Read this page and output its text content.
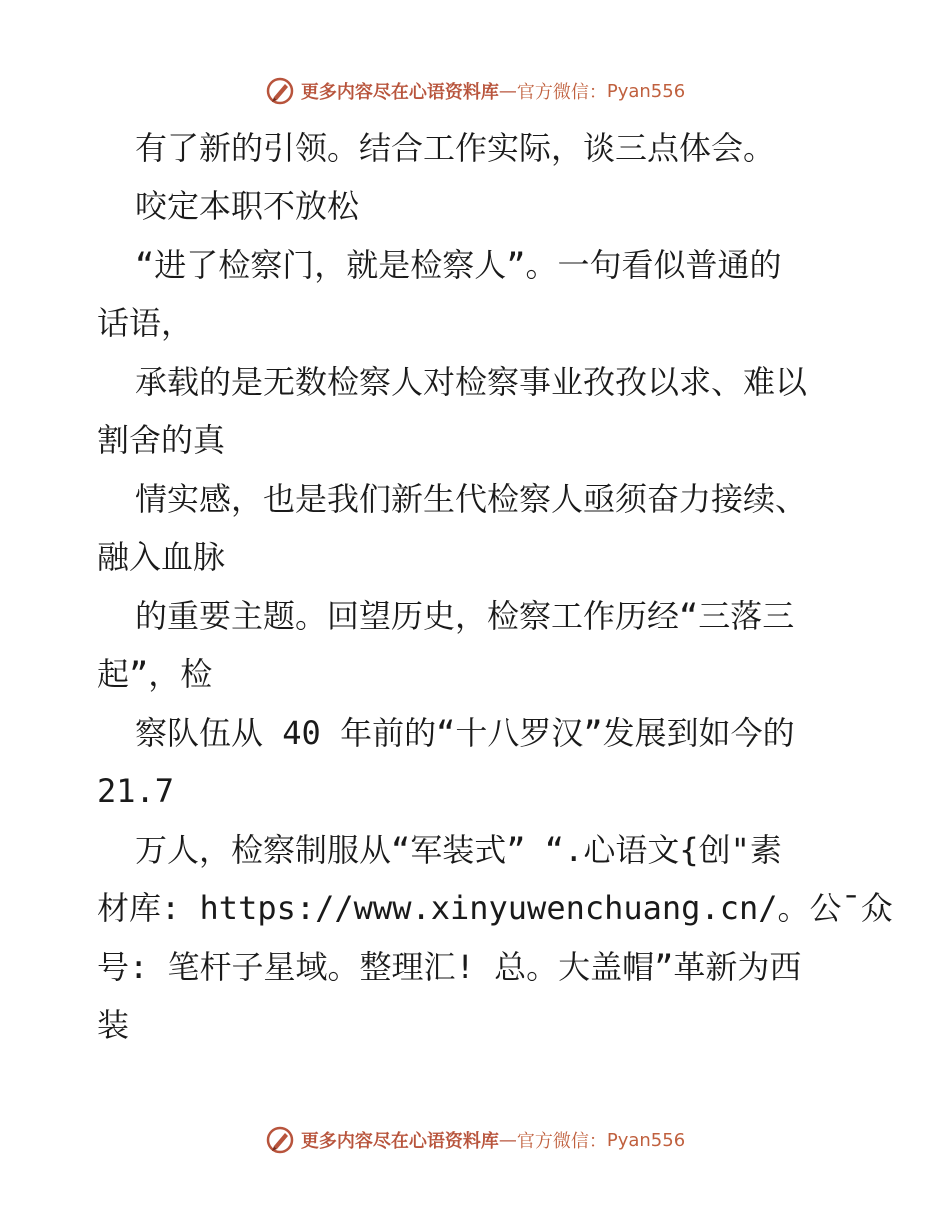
更多内容尽在心语资料库 — 官方微信： Pyan556
有了新的引领。结合工作实际，谈三点体会。
咬定本职不放松
“进了检察门，就是检察人”。一句看似普通的
话语，
承载的是无数检察人对检察事业孜孜以求、难以
割舍的真
情实感，也是我们新生代检察人亟须奋力接续、
融入血脉
的重要主题。回望历史，检察工作历经“三落三
起”，检
察队伍从 40 年前的“十八罗汉”发展到如今的
21.7
万人，检察制服从“军装式” “.心语文{创"素
材库: https://www.xinyuwenchuang.cn/。公¯众
号: 笔杆子星域。整理汇! 总。大盖帽”革新为西
装
更多内容尽在心语资料库 — 官方微信： Pyan556
